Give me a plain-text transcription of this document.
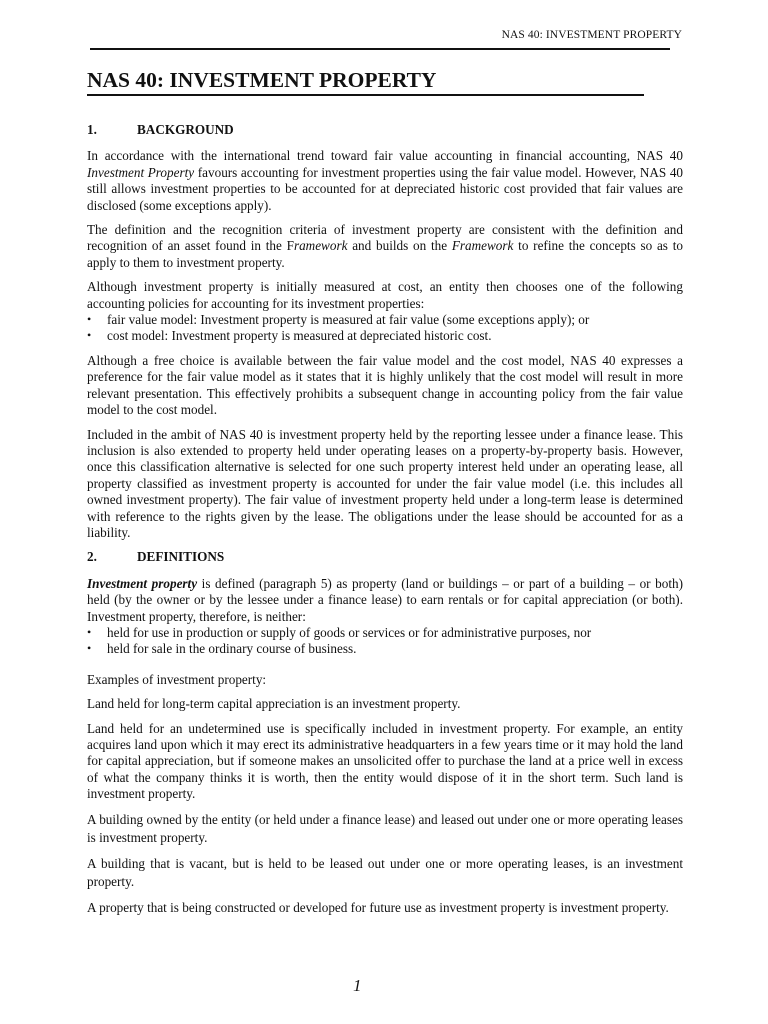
NAS 40: INVESTMENT PROPERTY
NAS 40: INVESTMENT PROPERTY
1.	BACKGROUND

In accordance with the international trend toward fair value accounting in financial accounting, NAS 40 Investment Property favours accounting for investment properties using the fair value model. However, NAS 40 still allows investment properties to be accounted for at depreciated historic cost provided that fair values are disclosed (some exceptions apply).

The definition and the recognition criteria of investment property are consistent with the definition and recognition of an asset found in the Framework and builds on the Framework to refine the concepts so as to apply to them to investment property.

Although investment property is initially measured at cost, an entity then chooses one of the following accounting policies for accounting for its investment properties:

• fair value model: Investment property is measured at fair value (some exceptions apply); or
• cost model: Investment property is measured at depreciated historic cost.

Although a free choice is available between the fair value model and the cost model, NAS 40 expresses a preference for the fair value model as it states that it is highly unlikely that the cost model will result in more relevant presentation. This effectively prohibits a subsequent change in accounting policy from the fair value model to the cost model.

Included in the ambit of NAS 40 is investment property held by the reporting lessee under a finance lease. This inclusion is also extended to property held under operating leases on a property-by-property basis. However, once this classification alternative is selected for one such property interest held under an operating lease, all property classified as investment property is accounted for under the fair value model (i.e. this includes all owned investment property). The fair value of investment property held under a long-term lease is determined with reference to the rights given by the lease. The obligations under the lease should be accounted for as a liability.

2.	DEFINITIONS

Investment property is defined (paragraph 5) as property (land or buildings – or part of a building – or both) held (by the owner or by the lessee under a finance lease) to earn rentals or for capital appreciation (or both). Investment property, therefore, is neither:

• held for use in production or supply of goods or services or for administrative purposes, nor
• held for sale in the ordinary course of business.

Examples of investment property:

Land held for long-term capital appreciation is an investment property.

Land held for an undetermined use is specifically included in investment property. For example, an entity acquires land upon which it may erect its administrative headquarters in a few years time or it may hold the land for capital appreciation, but if someone makes an unsolicited offer to purchase the land at a price well in excess of what the company thinks it is worth, then the entity would dispose of it in the short term. Such land is investment property.

A building owned by the entity (or held under a finance lease) and leased out under one or more operating leases is investment property.

A building that is vacant, but is held to be leased out under one or more operating leases, is an investment property.

A property that is being constructed or developed for future use as investment property is investment property.

1
